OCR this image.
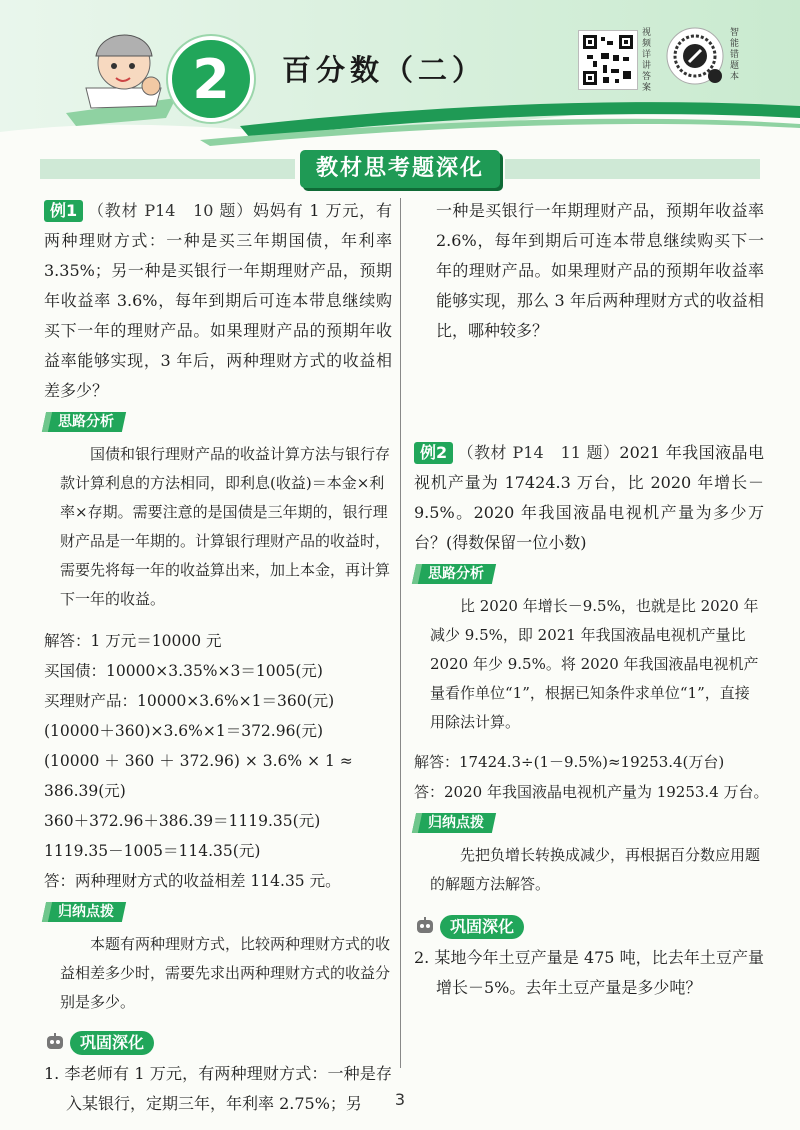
2	百分数（二）
视频详讲答案
智能错题本
教材思考题深化

例1 （教材 P14　10 题）妈妈有 1 万元，有两种理财方式：一种是买三年期国债，年利率 3.35%；另一种是买银行一年期理财产品，预期年收益率 3.6%，每年到期后可连本带息继续购买下一年的理财产品。如果理财产品的预期年收益率能够实现，3 年后，两种理财方式的收益相差多少？

思路分析

国债和银行理财产品的收益计算方法与银行存款计算利息的方法相同，即利息(收益)＝本金×利率×存期。需要注意的是国债是三年期的，银行理财产品是一年期的。计算银行理财产品的收益时，需要先将每一年的收益算出来，加上本金，再计算下一年的收益。

解答：1 万元＝10000 元

买国债：10000×3.35%×3＝1005(元)

买理财产品：10000×3.6%×1＝360(元)

(10000＋360)×3.6%×1＝372.96(元)

(10000 ＋ 360 ＋ 372.96) × 3.6% × 1 ≈

386.39(元)

360＋372.96＋386.39＝1119.35(元)

1119.35－1005＝114.35(元)

答：两种理财方式的收益相差 114.35 元。

归纳点拨

本题有两种理财方式，比较两种理财方式的收益相差多少时，需要先求出两种理财方式的收益分别是多少。

巩固深化

1. 李老师有 1 万元，有两种理财方式：一种是存入某银行，定期三年，年利率 2.75%；另

一种是买银行一年期理财产品，预期年收益率 2.6%，每年到期后可连本带息继续购买下一年的理财产品。如果理财产品的预期年收益率能够实现，那么 3 年后两种理财方式的收益相比，哪种较多？

例2 （教材 P14　11 题）2021 年我国液晶电视机产量为 17424.3 万台，比 2020 年增长－9.5%。2020 年我国液晶电视机产量为多少万台？(得数保留一位小数)

思路分析

比 2020 年增长－9.5%，也就是比 2020 年减少 9.5%，即 2021 年我国液晶电视机产量比 2020 年少 9.5%。将 2020 年我国液晶电视机产量看作单位“1”，根据已知条件求单位“1”，直接用除法计算。

解答：17424.3÷(1－9.5%)≈19253.4(万台)

答：2020 年我国液晶电视机产量为 19253.4 万台。

归纳点拨

先把负增长转换成减少，再根据百分数应用题的解题方法解答。

巩固深化

2. 某地今年土豆产量是 475 吨，比去年土豆产量增长－5%。去年土豆产量是多少吨？

3
